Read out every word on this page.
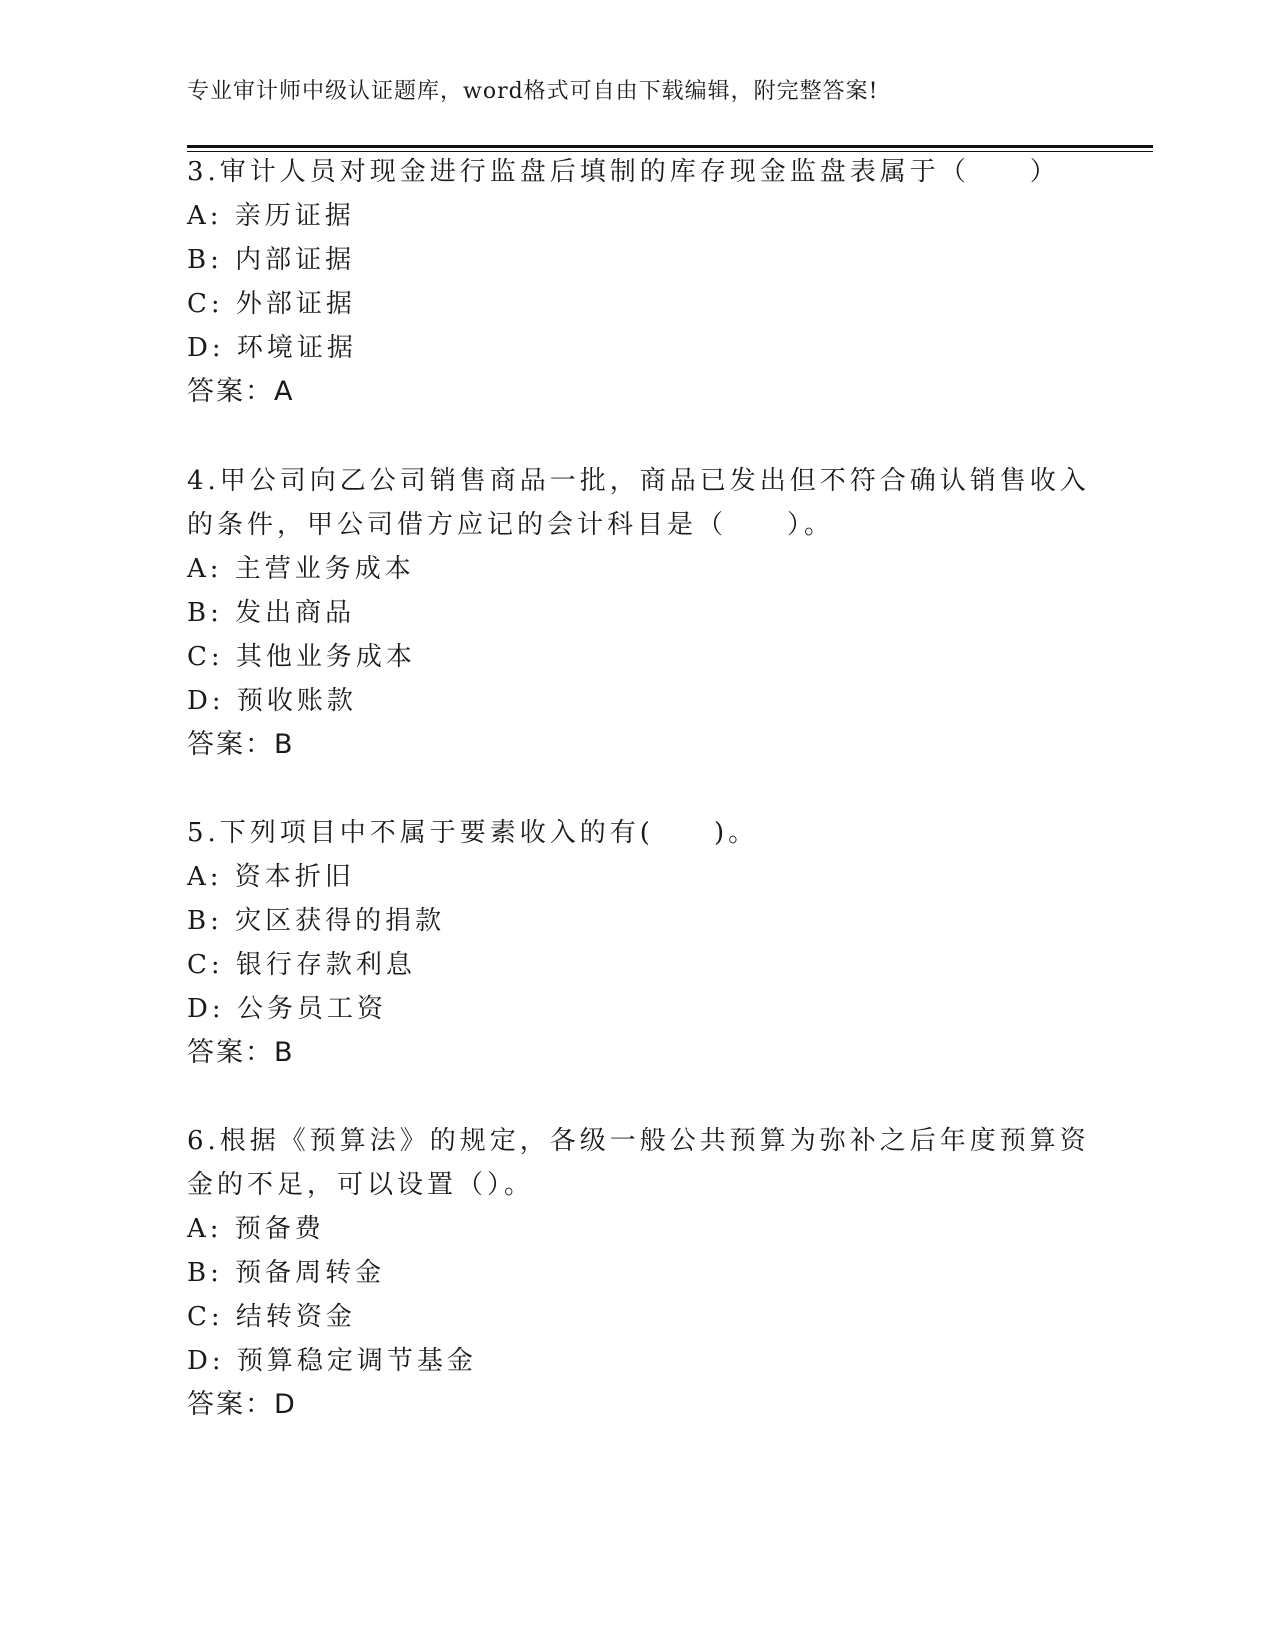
专业审计师中级认证题库，word格式可自由下载编辑，附完整答案!
3.审计人员对现金进行监盘后填制的库存现金监盘表属于（　　）
A: 亲历证据
B: 内部证据
C: 外部证据
D: 环境证据
答案：A
4.甲公司向乙公司销售商品一批，商品已发出但不符合确认销售收入
的条件，甲公司借方应记的会计科目是（　　）。
A: 主营业务成本
B: 发出商品
C: 其他业务成本
D: 预收账款
答案：B
5.下列项目中不属于要素收入的有(　　)。
A: 资本折旧
B: 灾区获得的捐款
C: 银行存款利息
D: 公务员工资
答案：B
6.根据《预算法》的规定，各级一般公共预算为弥补之后年度预算资
金的不足，可以设置（）。
A: 预备费
B: 预备周转金
C: 结转资金
D: 预算稳定调节基金
答案：D
